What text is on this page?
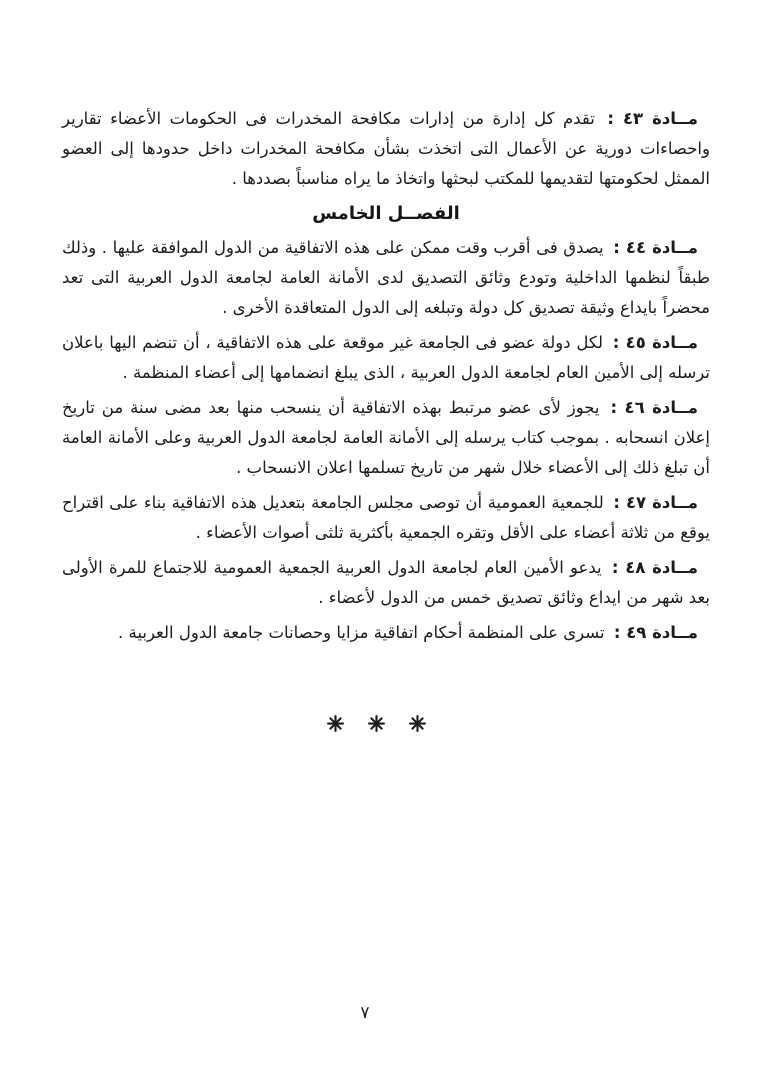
مــادة ٤٣ : تقدم كل إدارة من إدارات مكافحة المخدرات فى الحكومات الأعضاء تقارير واحصاءات دورية عن الأعمال التى اتخذت بشأن مكافحة المخدرات داخل حدودها إلى العضو الممثل لحكومتها لتقديمها للمكتب لبحثها واتخاذ ما يراه مناسباً بصددها .

الفصــل الخامس

مــادة ٤٤ : يصدق فى أقرب وقت ممكن على هذه الاتفاقية من الدول الموافقة عليها . وذلك طبقاً لنظمها الداخلية وتودع وثائق التصديق لدى الأمانة العامة لجامعة الدول العربية التى تعد محضراً بايداع وثيقة تصديق كل دولة وتبلغه إلى الدول المتعاقدة الأخرى .

مــادة ٤٥ : لكل دولة عضو فى الجامعة غير موقعة على هذه الاتفاقية ، أن تنضم اليها باعلان ترسله إلى الأمين العام لجامعة الدول العربية ، الذى يبلغ انضمامها إلى أعضاء المنظمة .

مــادة ٤٦ : يجوز لأى عضو مرتبط بهذه الاتفاقية أن ينسحب منها بعد مضى سنة من تاريخ إعلان انسحابه . بموجب كتاب يرسله إلى الأمانة العامة لجامعة الدول العربية وعلى الأمانة العامة أن تبلغ ذلك إلى الأعضاء خلال شهر من تاريخ تسلمها اعلان الانسحاب .

مــادة ٤٧ : للجمعية العمومية أن توصى مجلس الجامعة بتعديل هذه الاتفاقية بناء على اقتراح يوقع من ثلاثة أعضاء على الأقل وتقره الجمعية بأكثرية ثلثى أصوات الأعضاء .

مــادة ٤٨ : يدعو الأمين العام لجامعة الدول العربية الجمعية العمومية للاجتماع للمرة الأولى بعد شهر من ايداع وثائق تصديق خمس من الدول لأعضاء .

مــادة ٤٩ : تسرى على المنظمة أحكام اتفاقية مزايا وحصانات جامعة الدول العربية .

٧
